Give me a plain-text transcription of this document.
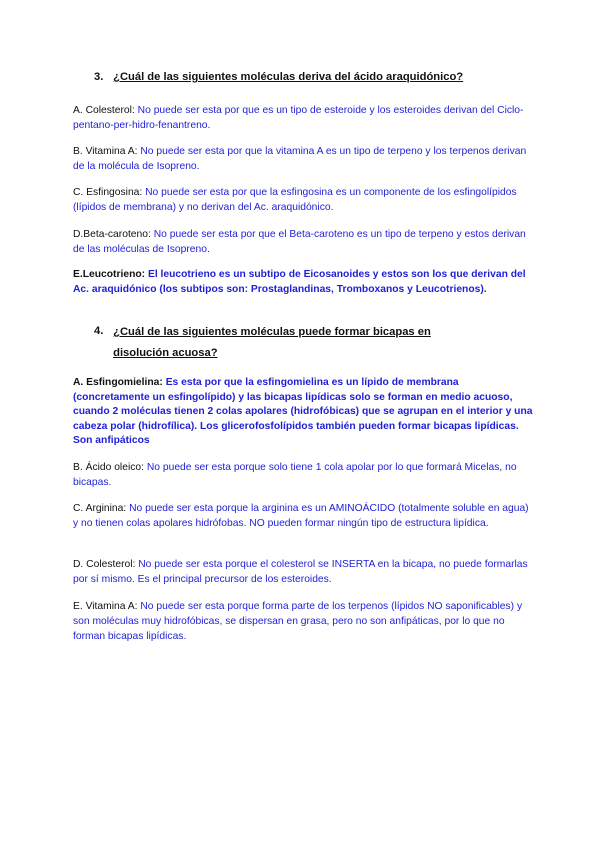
3. ¿Cuál de las siguientes moléculas deriva del ácido araquidónico?
A. Colesterol: No puede ser esta por que es un tipo de esteroide y los esteroides derivan del Ciclo-pentano-per-hidro-fenantreno.
B. Vitamina A: No puede ser esta por que la vitamina A es un tipo de terpeno y los terpenos derivan de la molécula de Isopreno.
C. Esfingosina: No puede ser esta por que la esfingosina es un componente de los esfingolípidos (lípidos de membrana) y no derivan del Ac. araquidónico.
D.Beta-caroteno: No puede ser esta por que el Beta-caroteno es un tipo de terpeno y estos derivan de las moléculas de Isopreno.
E.Leucotrieno: El leucotrieno es un subtipo de Eicosanoides y estos son los que derivan del Ac. araquidónico (los subtipos son: Prostaglandinas, Tromboxanos y Leucotrienos).
4. ¿Cuál de las siguientes moléculas puede formar bicapas en disolución acuosa?
A. Esfingomielina: Es esta por que la esfingomielina es un lípido de membrana (concretamente un esfingolípido) y las bicapas lipídicas solo se forman en medio acuoso, cuando 2 moléculas tienen 2 colas apolares (hidrofóbicas) que se agrupan en el interior y una cabeza polar (hidrofílica). Los glicerofosfolípidos también pueden formar bicapas lipídicas. Son anfipáticos
B. Ácido oleico: No puede ser esta porque solo tiene 1 cola apolar por lo que formará Micelas, no bicapas.
C. Arginina: No puede ser esta porque la arginina es un AMINOÁCIDO (totalmente soluble en agua) y no tienen colas apolares hidrófobas. NO pueden formar ningún tipo de estructura lipídica.
D. Colesterol: No puede ser esta porque el colesterol se INSERTA en la bicapa, no puede formarlas por sí mismo. Es el principal precursor de los esteroides.
E. Vitamina A: No puede ser esta porque forma parte de los terpenos (lípidos NO saponificables) y son moléculas muy hidrofóbicas, se dispersan en grasa, pero no son anfipáticas, por lo que no forman bicapas lipídicas.
